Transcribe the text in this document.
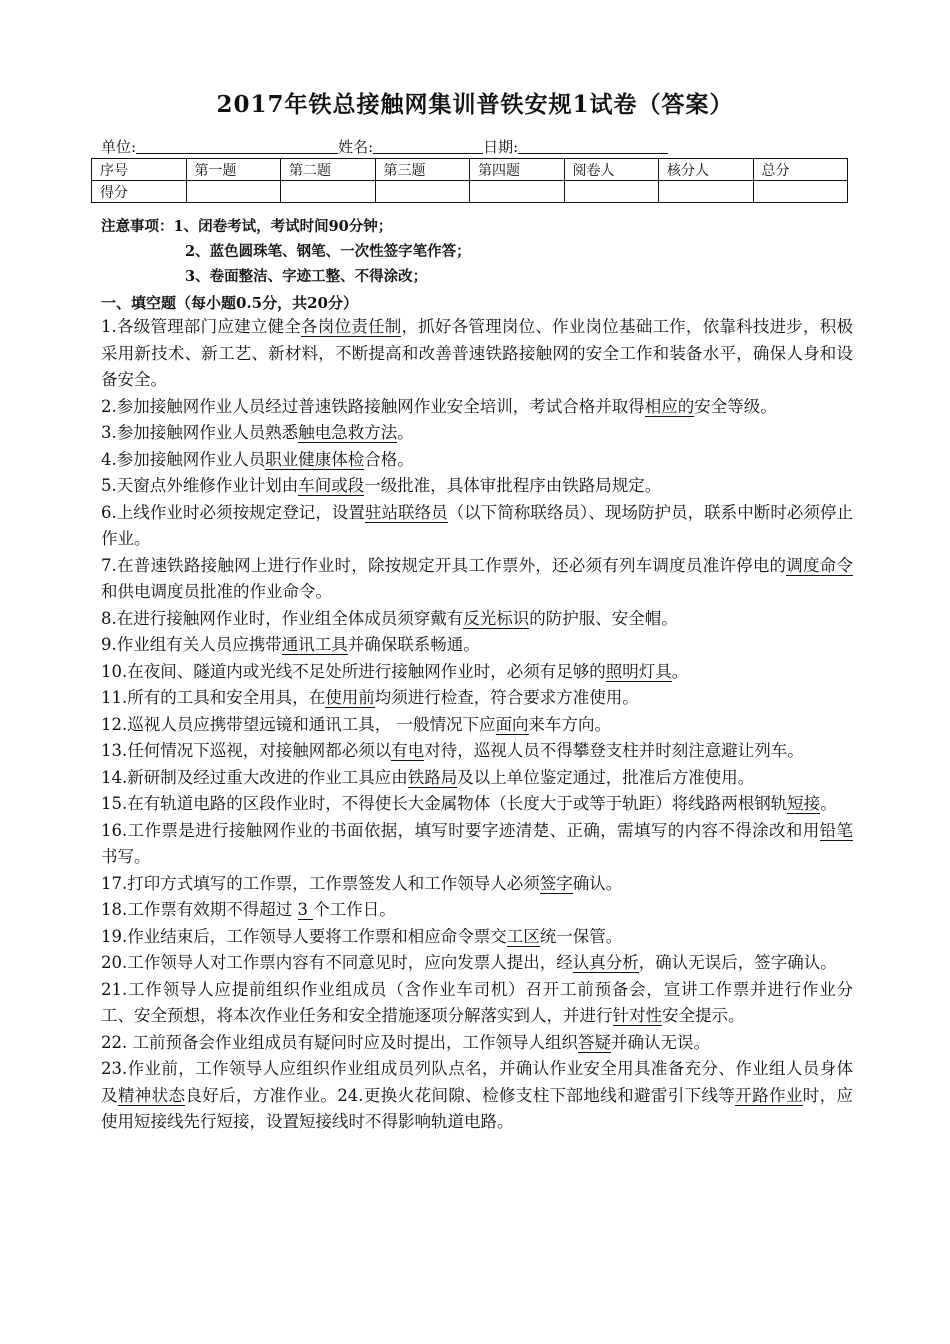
2017年铁总接触网集训普铁安规1试卷（答案）
单位:	姓名:	日期:
序号	第一题	第二题	第三题	第四题	阅卷人	核分人	总分
得分							
注意事项：1、闭卷考试，考试时间90分钟；
2、蓝色圆珠笔、钢笔、一次性签字笔作答；
3、卷面整洁、字迹工整、不得涂改；
一、填空题（每小题0.5分，共20分）

1.各级管理部门应建立健全各岗位责任制，抓好各管理岗位、作业岗位基础工作，依靠科技进步，积极采用新技术、新工艺、新材料，不断提高和改善普速铁路接触网的安全工作和装备水平，确保人身和设备安全。

2.参加接触网作业人员经过普速铁路接触网作业安全培训，考试合格并取得相应的安全等级。

3.参加接触网作业人员熟悉触电急救方法。

4.参加接触网作业人员职业健康体检合格。

5.天窗点外维修作业计划由车间或段一级批准，具体审批程序由铁路局规定。

6.上线作业时必须按规定登记，设置驻站联络员（以下简称联络员）、现场防护员，联系中断时必须停止作业。

7.在普速铁路接触网上进行作业时，除按规定开具工作票外，还必须有列车调度员准许停电的调度命令和供电调度员批准的作业命令。

8.在进行接触网作业时，作业组全体成员须穿戴有反光标识的防护服、安全帽。

9.作业组有关人员应携带通讯工具并确保联系畅通。

10.在夜间、隧道内或光线不足处所进行接触网作业时，必须有足够的照明灯具。

11.所有的工具和安全用具，在使用前均须进行检查，符合要求方准使用。

12.巡视人员应携带望远镜和通讯工具， 一般情况下应面向来车方向。

13.任何情况下巡视，对接触网都必须以有电对待，巡视人员不得攀登支柱并时刻注意避让列车。

14.新研制及经过重大改进的作业工具应由铁路局及以上单位鉴定通过，批准后方准使用。

15.在有轨道电路的区段作业时，不得使长大金属物体（长度大于或等于轨距）将线路两根钢轨短接。

16.工作票是进行接触网作业的书面依据，填写时要字迹清楚、正确，需填写的内容不得涂改和用铅笔书写。

17.打印方式填写的工作票，工作票签发人和工作领导人必须签字确认。

18.工作票有效期不得超过 3 个工作日。

19.作业结束后，工作领导人要将工作票和相应命令票交工区统一保管。

20.工作领导人对工作票内容有不同意见时，应向发票人提出，经认真分析，确认无误后，签字确认。

21.工作领导人应提前组织作业组成员（含作业车司机）召开工前预备会，宣讲工作票并进行作业分工、安全预想，将本次作业任务和安全措施逐项分解落实到人，并进行针对性安全提示。

22. 工前预备会作业组成员有疑问时应及时提出，工作领导人组织答疑并确认无误。

23.作业前，工作领导人应组织作业组成员列队点名，并确认作业安全用具准备充分、作业组人员身体及精神状态良好后，方准作业。24.更换火花间隙、检修支柱下部地线和避雷引下线等开路作业时，应使用短接线先行短接，设置短接线时不得影响轨道电路。
